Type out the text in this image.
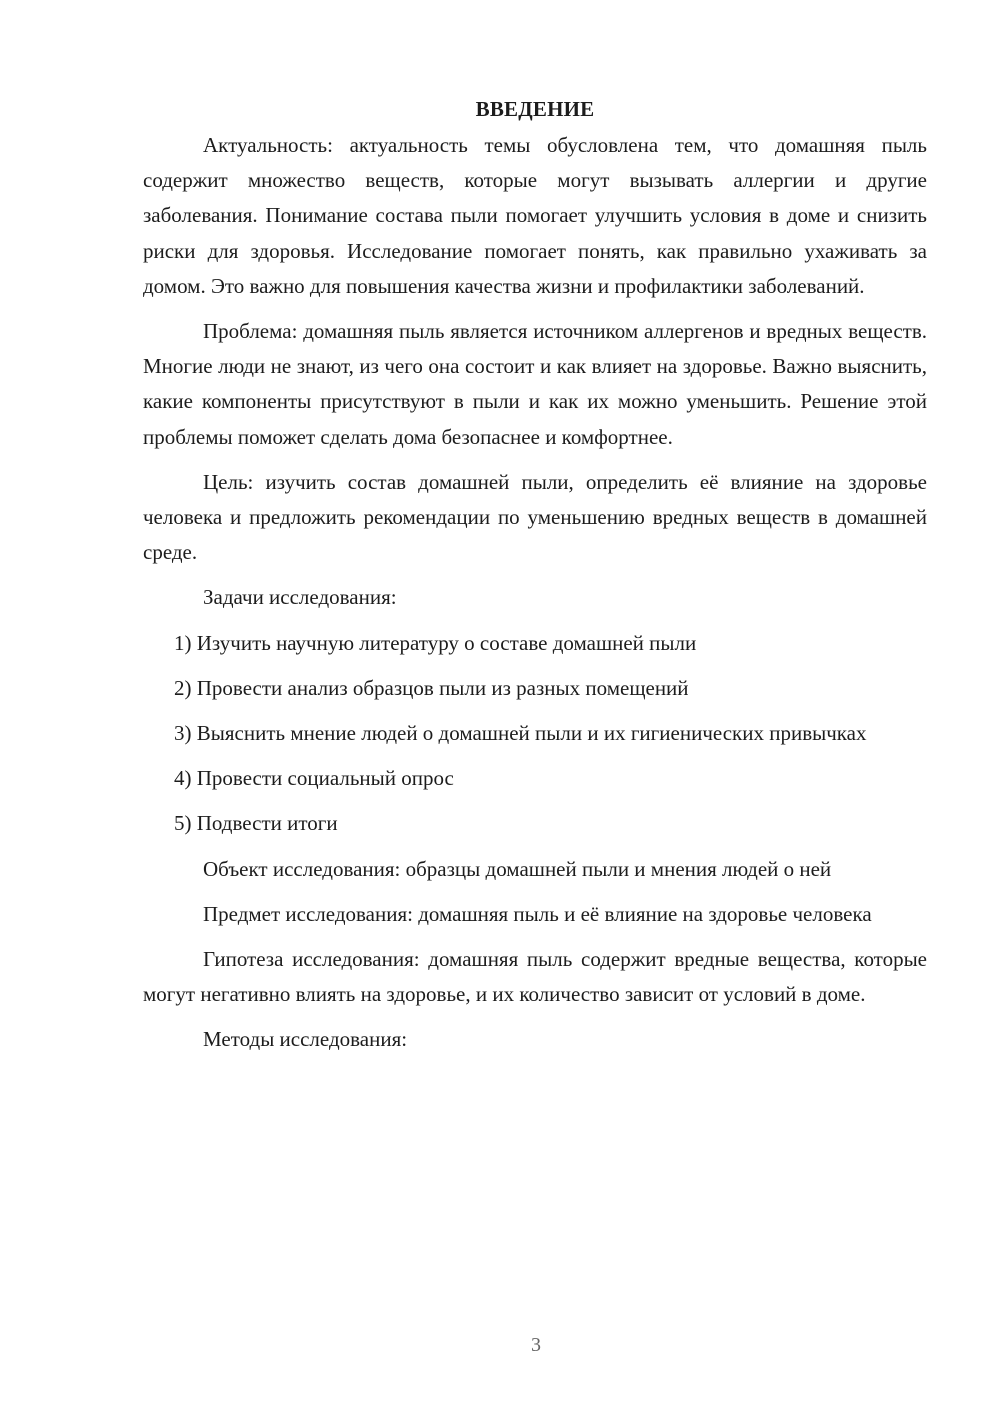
ВВЕДЕНИЕ

Актуальность: актуальность темы обусловлена тем, что домашняя пыль содержит множество веществ, которые могут вызывать аллергии и другие заболевания. Понимание состава пыли помогает улучшить условия в доме и снизить риски для здоровья. Исследование помогает понять, как правильно ухаживать за домом. Это важно для повышения качества жизни и профилактики заболеваний.

Проблема: домашняя пыль является источником аллергенов и вредных веществ. Многие люди не знают, из чего она состоит и как влияет на здоровье. Важно выяснить, какие компоненты присутствуют в пыли и как их можно уменьшить. Решение этой проблемы поможет сделать дома безопаснее и комфортнее.

Цель: изучить состав домашней пыли, определить её влияние на здоровье человека и предложить рекомендации по уменьшению вредных веществ в домашней среде.

Задачи исследования:

1) Изучить научную литературу о составе домашней пыли

2) Провести анализ образцов пыли из разных помещений

3) Выяснить мнение людей о домашней пыли и их гигиенических привычках

4) Провести социальный опрос

5) Подвести итоги

Объект исследования: образцы домашней пыли и мнения людей о ней

Предмет исследования: домашняя пыль и её влияние на здоровье человека

Гипотеза исследования: домашняя пыль содержит вредные вещества, которые могут негативно влиять на здоровье, и их количество зависит от условий в доме.

Методы исследования:

3
